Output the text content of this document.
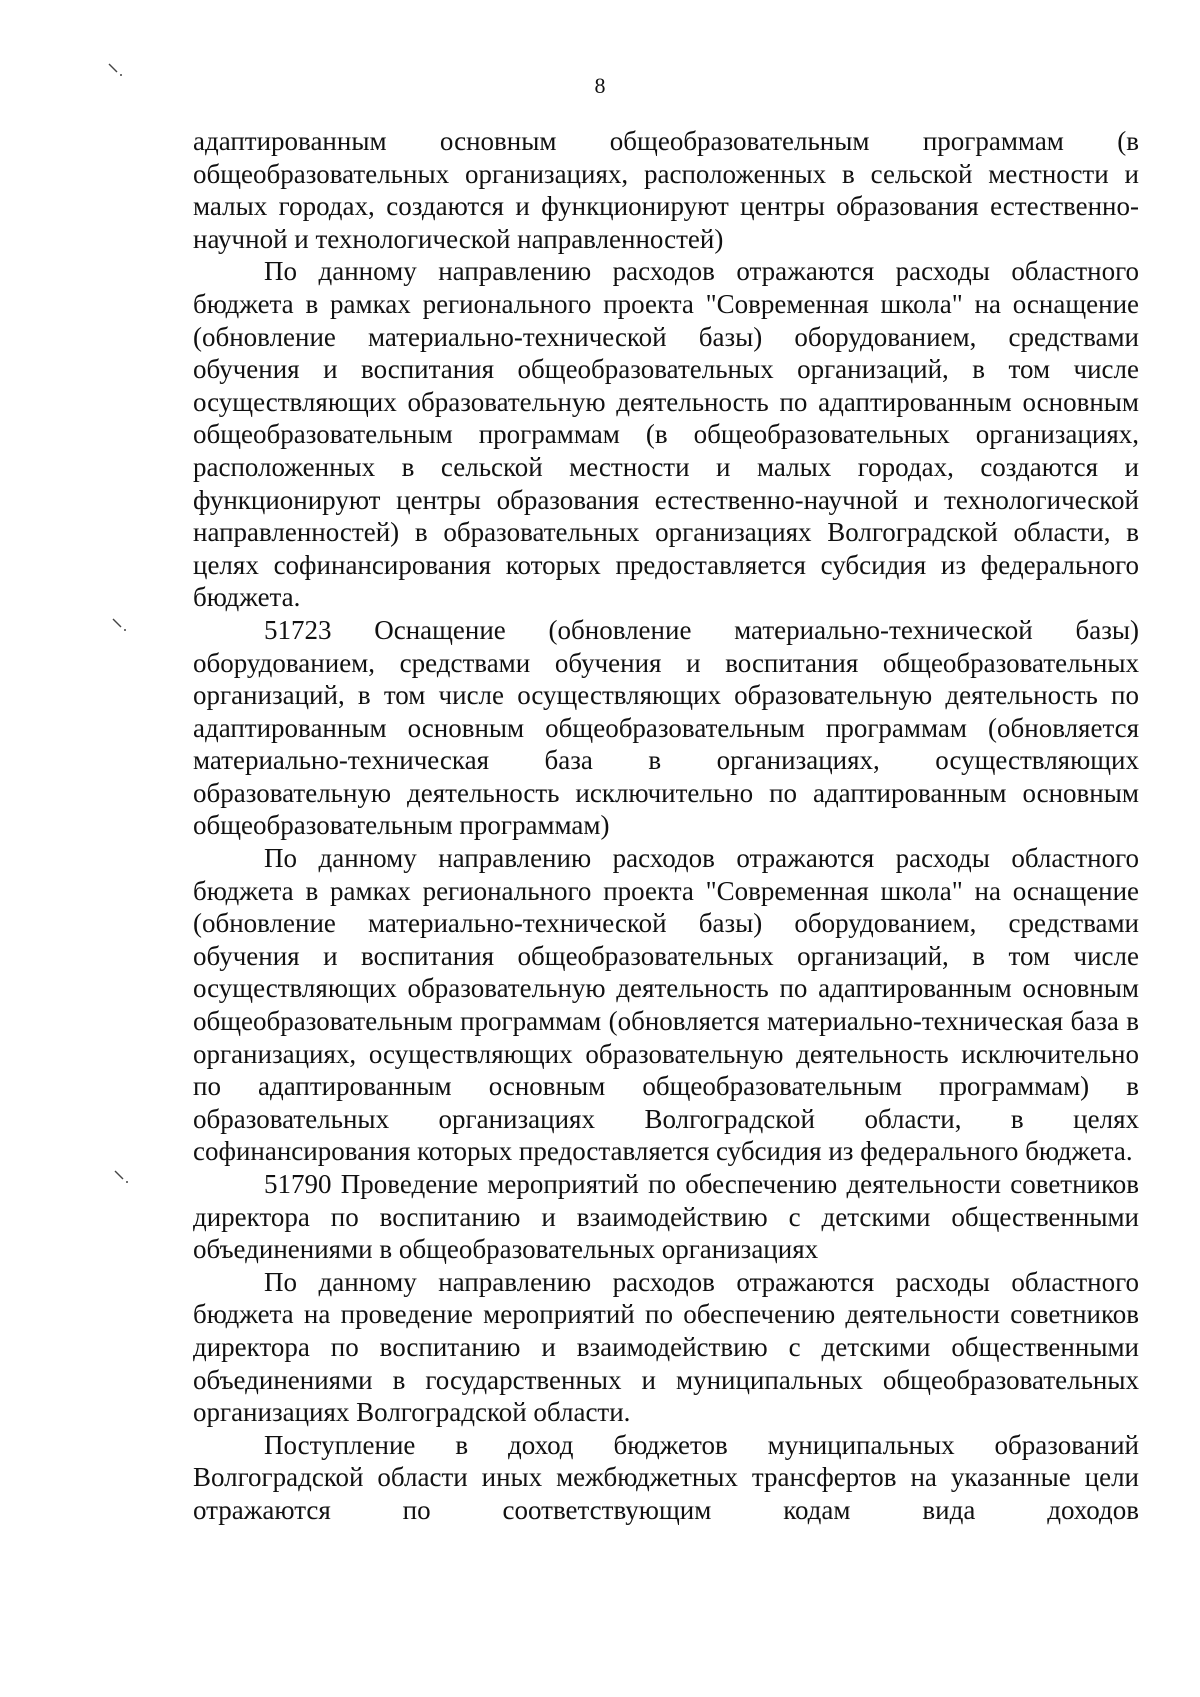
8

адаптированным основным общеобразовательным программам (в общеобразовательных организациях, расположенных в сельской местности и малых городах, создаются и функционируют центры образования естественно-научной и технологической направленностей)

По данному направлению расходов отражаются расходы областного бюджета в рамках регионального проекта "Современная школа" на оснащение (обновление материально-технической базы) оборудованием, средствами обучения и воспитания общеобразовательных организаций, в том числе осуществляющих образовательную деятельность по адаптированным основным общеобразовательным программам (в общеобразовательных организациях, расположенных в сельской местности и малых городах, создаются и функционируют центры образования естественно-научной и технологической направленностей) в образовательных организациях Волгоградской области, в целях софинансирования которых предоставляется субсидия из федерального бюджета.

51723 Оснащение (обновление материально-технической базы) оборудованием, средствами обучения и воспитания общеобразовательных организаций, в том числе осуществляющих образовательную деятельность по адаптированным основным общеобразовательным программам (обновляется материально-техническая база в организациях, осуществляющих образовательную деятельность исключительно по адаптированным основным общеобразовательным программам)

По данному направлению расходов отражаются расходы областного бюджета в рамках регионального проекта "Современная школа" на оснащение (обновление материально-технической базы) оборудованием, средствами обучения и воспитания общеобразовательных организаций, в том числе осуществляющих образовательную деятельность по адаптированным основным общеобразовательным программам (обновляется материально-техническая база в организациях, осуществляющих образовательную деятельность исключительно по адаптированным основным общеобразовательным программам) в образовательных организациях Волгоградской области, в целях софинансирования которых предоставляется субсидия из федерального бюджета.

51790 Проведение мероприятий по обеспечению деятельности советников директора по воспитанию и взаимодействию с детскими общественными объединениями в общеобразовательных организациях

По данному направлению расходов отражаются расходы областного бюджета на проведение мероприятий по обеспечению деятельности советников директора по воспитанию и взаимодействию с детскими общественными объединениями в государственных и муниципальных общеобразовательных организациях Волгоградской области.

Поступление в доход бюджетов муниципальных образований Волгоградской области иных межбюджетных трансфертов на указанные цели отражаются по соответствующим кодам вида доходов
